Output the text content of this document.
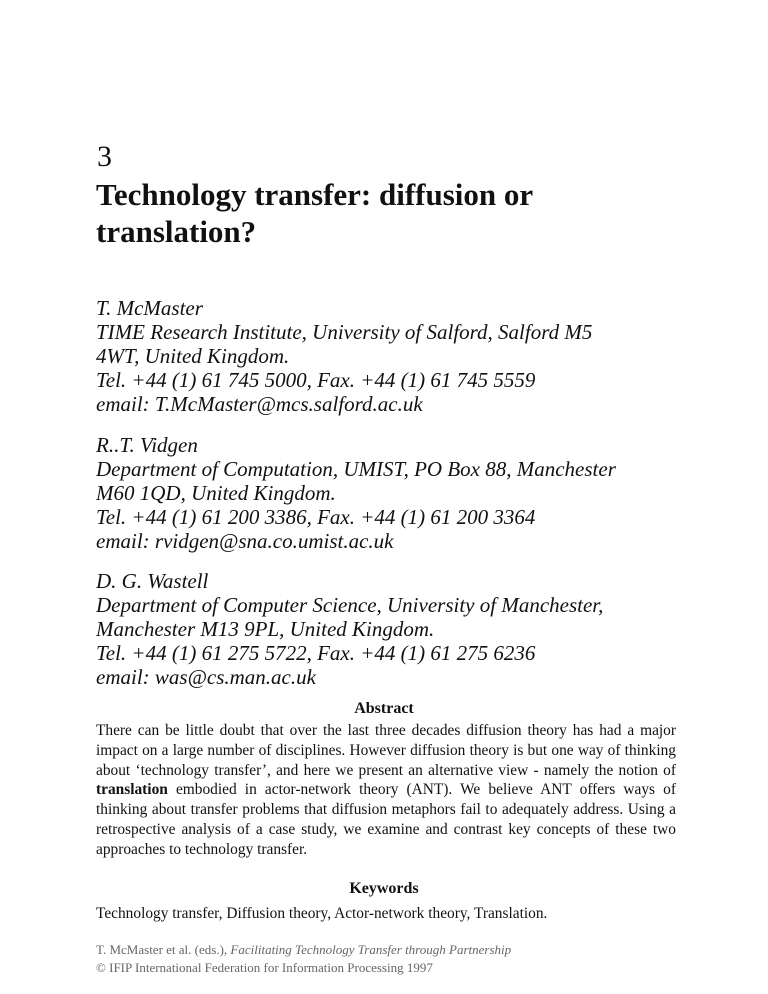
3
Technology transfer: diffusion or
translation?
T. McMaster
TIME Research Institute, University of Salford, Salford M5
4WT, United Kingdom.
Tel. +44 (1) 61 745 5000, Fax. +44 (1) 61 745 5559
email: T.McMaster@mcs.salford.ac.uk
R..T. Vidgen
Department of Computation, UMIST, PO Box 88, Manchester
M60 1QD, United Kingdom.
Tel. +44 (1) 61 200 3386, Fax. +44 (1) 61 200 3364
email: rvidgen@sna.co.umist.ac.uk
D. G. Wastell
Department of Computer Science, University of Manchester,
Manchester M13 9PL, United Kingdom.
Tel. +44 (1) 61 275 5722, Fax. +44 (1) 61 275 6236
email: was@cs.man.ac.uk
Abstract
There can be little doubt that over the last three decades diffusion theory has had a major impact on a large number of disciplines. However diffusion theory is but one way of thinking about ‘technology transfer’, and here we present an alternative view - namely the notion of translation embodied in actor-network theory (ANT). We believe ANT offers ways of thinking about transfer problems that diffusion metaphors fail to adequately address. Using a retrospective analysis of a case study, we examine and contrast key concepts of these two approaches to technology transfer.
Keywords
Technology transfer, Diffusion theory, Actor-network theory, Translation.
T. McMaster et al. (eds.), Facilitating Technology Transfer through Partnership
© IFIP International Federation for Information Processing 1997
